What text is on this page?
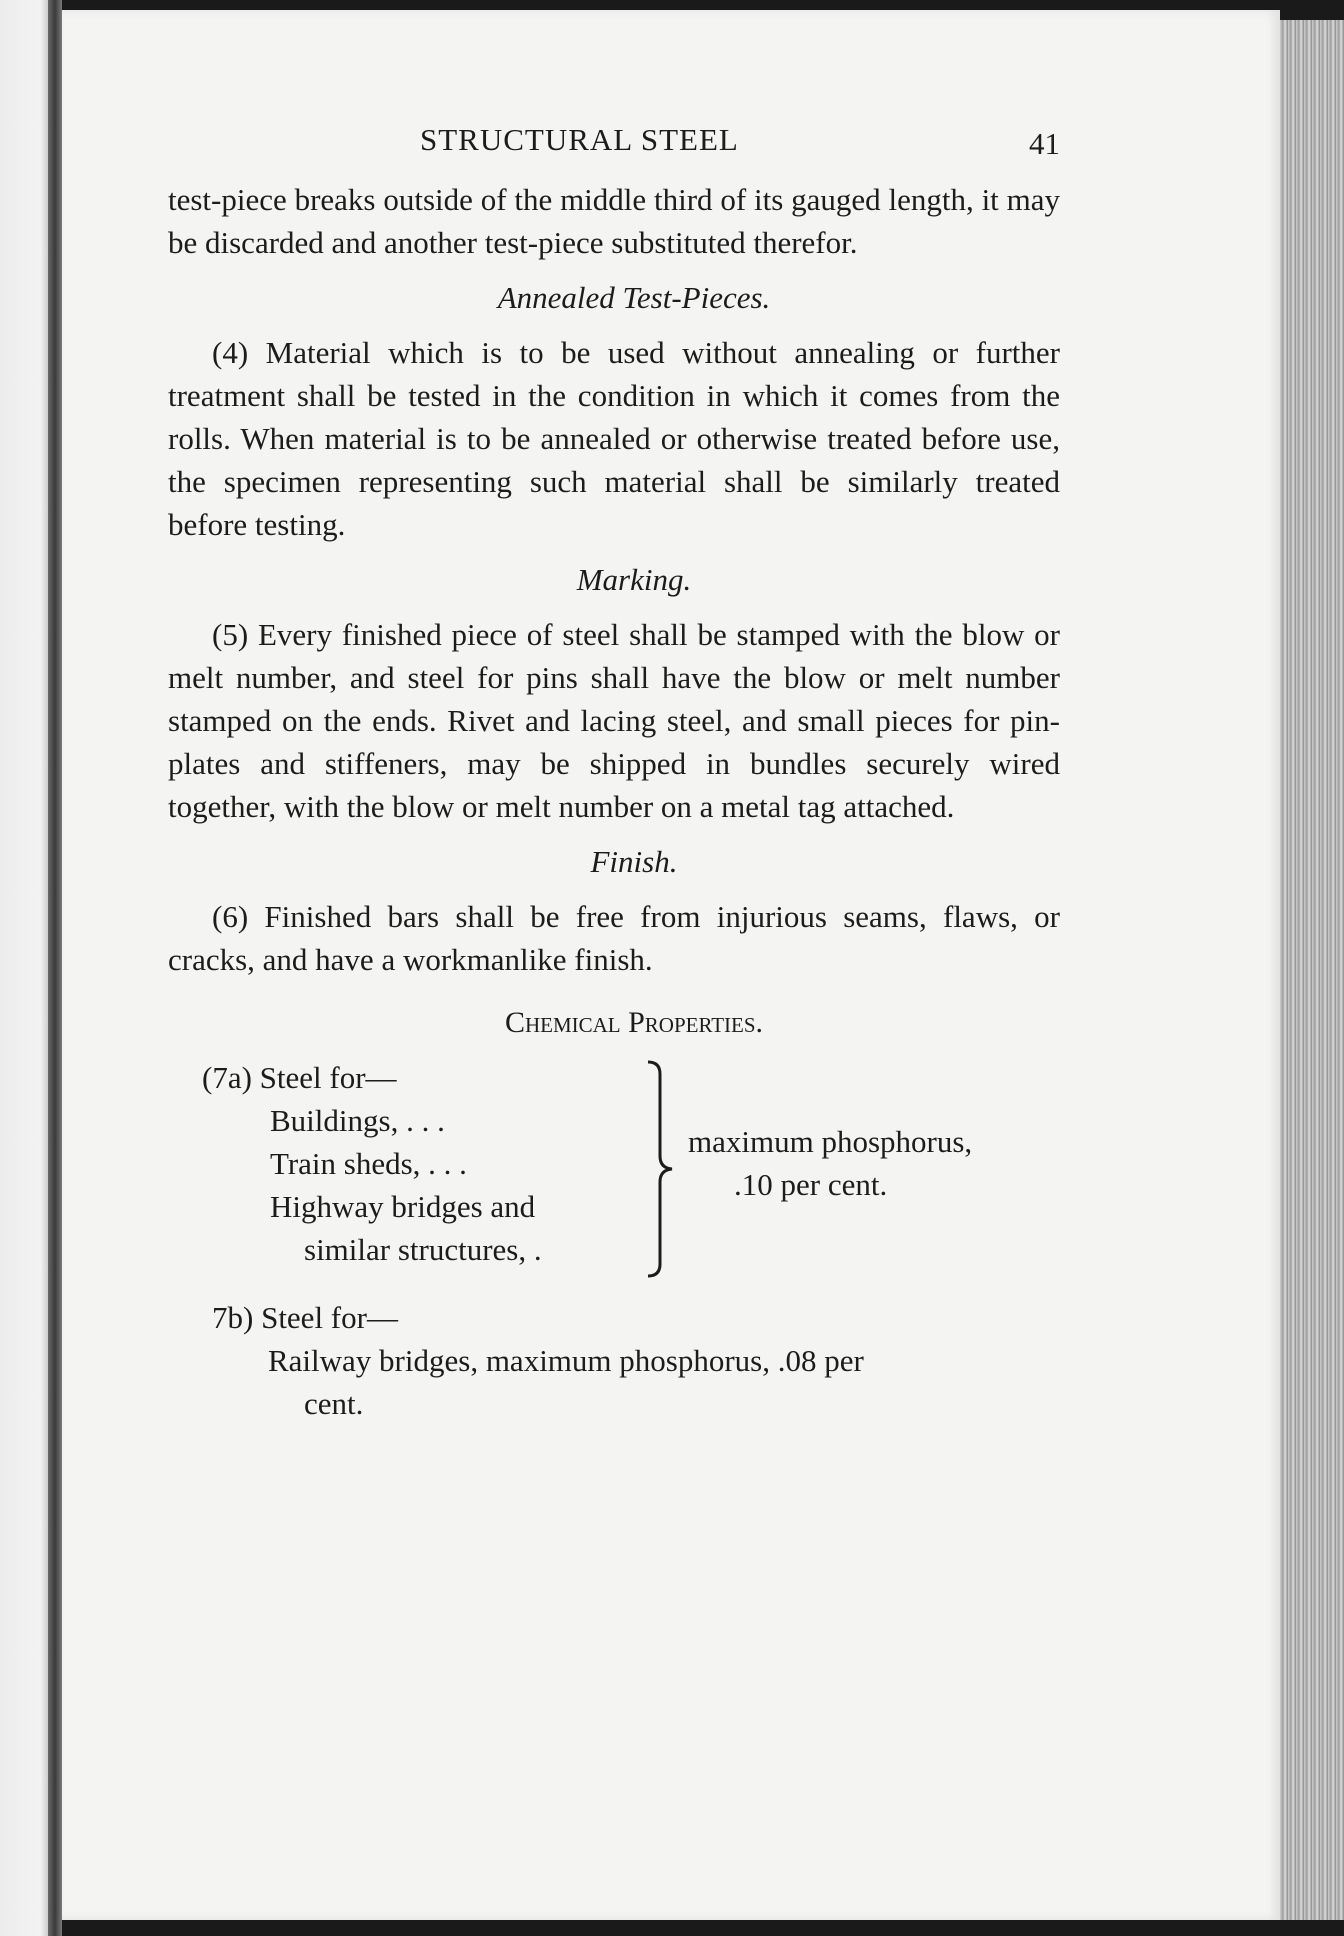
STRUCTURAL STEEL	41

test-piece breaks outside of the middle third of its gauged length, it may be discarded and another test-piece substituted therefor.

Annealed Test-Pieces.

(4) Material which is to be used without annealing or further treatment shall be tested in the condition in which it comes from the rolls. When material is to be annealed or otherwise treated before use, the specimen representing such material shall be similarly treated before testing.

Marking.

(5) Every finished piece of steel shall be stamped with the blow or melt number, and steel for pins shall have the blow or melt number stamped on the ends. Rivet and lacing steel, and small pieces for pin-plates and stiffeners, may be shipped in bundles securely wired together, with the blow or melt number on a metal tag attached.

Finish.

(6) Finished bars shall be free from injurious seams, flaws, or cracks, and have a workmanlike finish.

Chemical Properties.
(7a) Steel for—
Buildings, . . .
Train sheds, . . .
Highway bridges and
similar structures, .
maximum phosphorus,
.10 per cent.
7b) Steel for—
Railway bridges, maximum phosphorus, .08 per
cent.
